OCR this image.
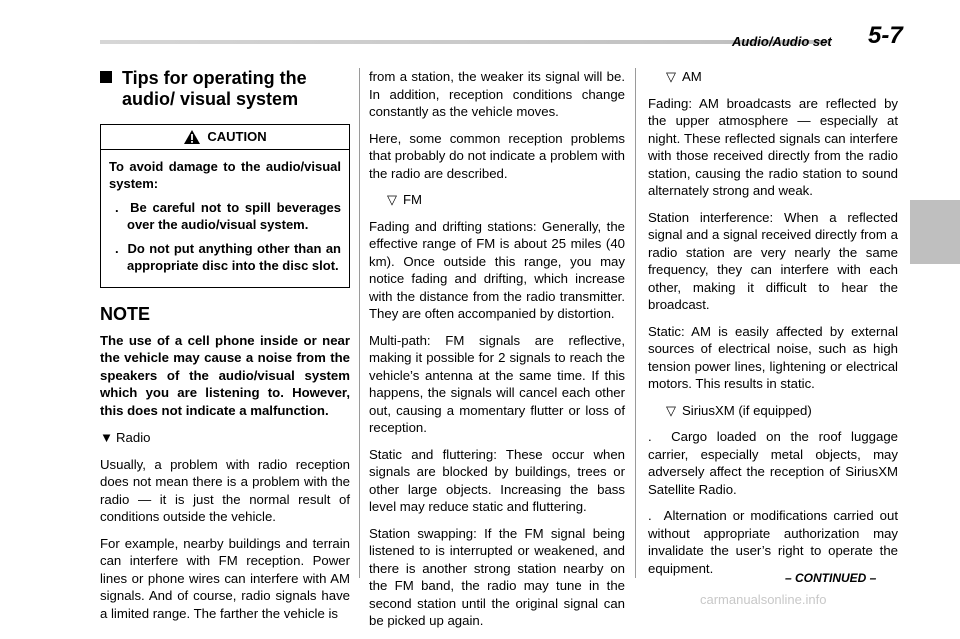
Audio/Audio set 5-7
Tips for operating the audio/ visual system
CAUTION

To avoid damage to the audio/visual system:

.  Be careful not to spill beverages over the audio/visual system.

.  Do not put anything other than an appropriate disc into the disc slot.

NOTE

The use of a cell phone inside or near the vehicle may cause a noise from the speakers of the audio/visual system which you are listening to. However, this does not indicate a malfunction.

▼ Radio

Usually, a problem with radio reception does not mean there is a problem with the radio — it is just the normal result of conditions outside the vehicle.

For example, nearby buildings and terrain can interfere with FM reception. Power lines or phone wires can interfere with AM signals. And of course, radio signals have a limited range. The farther the vehicle is

from a station, the weaker its signal will be. In addition, reception conditions change constantly as the vehicle moves.

Here, some common reception problems that probably do not indicate a problem with the radio are described.

▽ FM

Fading and drifting stations: Generally, the effective range of FM is about 25 miles (40 km). Once outside this range, you may notice fading and drifting, which increase with the distance from the radio transmitter. They are often accompanied by distortion.

Multi-path: FM signals are reflective, making it possible for 2 signals to reach the vehicle’s antenna at the same time. If this happens, the signals will cancel each other out, causing a momentary flutter or loss of reception.

Static and fluttering: These occur when signals are blocked by buildings, trees or other large objects. Increasing the bass level may reduce static and fluttering.

Station swapping: If the FM signal being listened to is interrupted or weakened, and there is another strong station nearby on the FM band, the radio may tune in the second station until the original signal can be picked up again.

▽ AM

Fading: AM broadcasts are reflected by the upper atmosphere — especially at night. These reflected signals can interfere with those received directly from the radio station, causing the radio station to sound alternately strong and weak.

Station interference: When a reflected signal and a signal received directly from a radio station are very nearly the same frequency, they can interfere with each other, making it difficult to hear the broadcast.

Static: AM is easily affected by external sources of electrical noise, such as high tension power lines, lightening or electrical motors. This results in static.

▽ SiriusXM (if equipped)

.  Cargo loaded on the roof luggage carrier, especially metal objects, may adversely affect the reception of SiriusXM Satellite Radio.

.  Alternation or modifications carried out without appropriate authorization may invalidate the user’s right to operate the equipment.

– CONTINUED –
carmanualsonline.info
